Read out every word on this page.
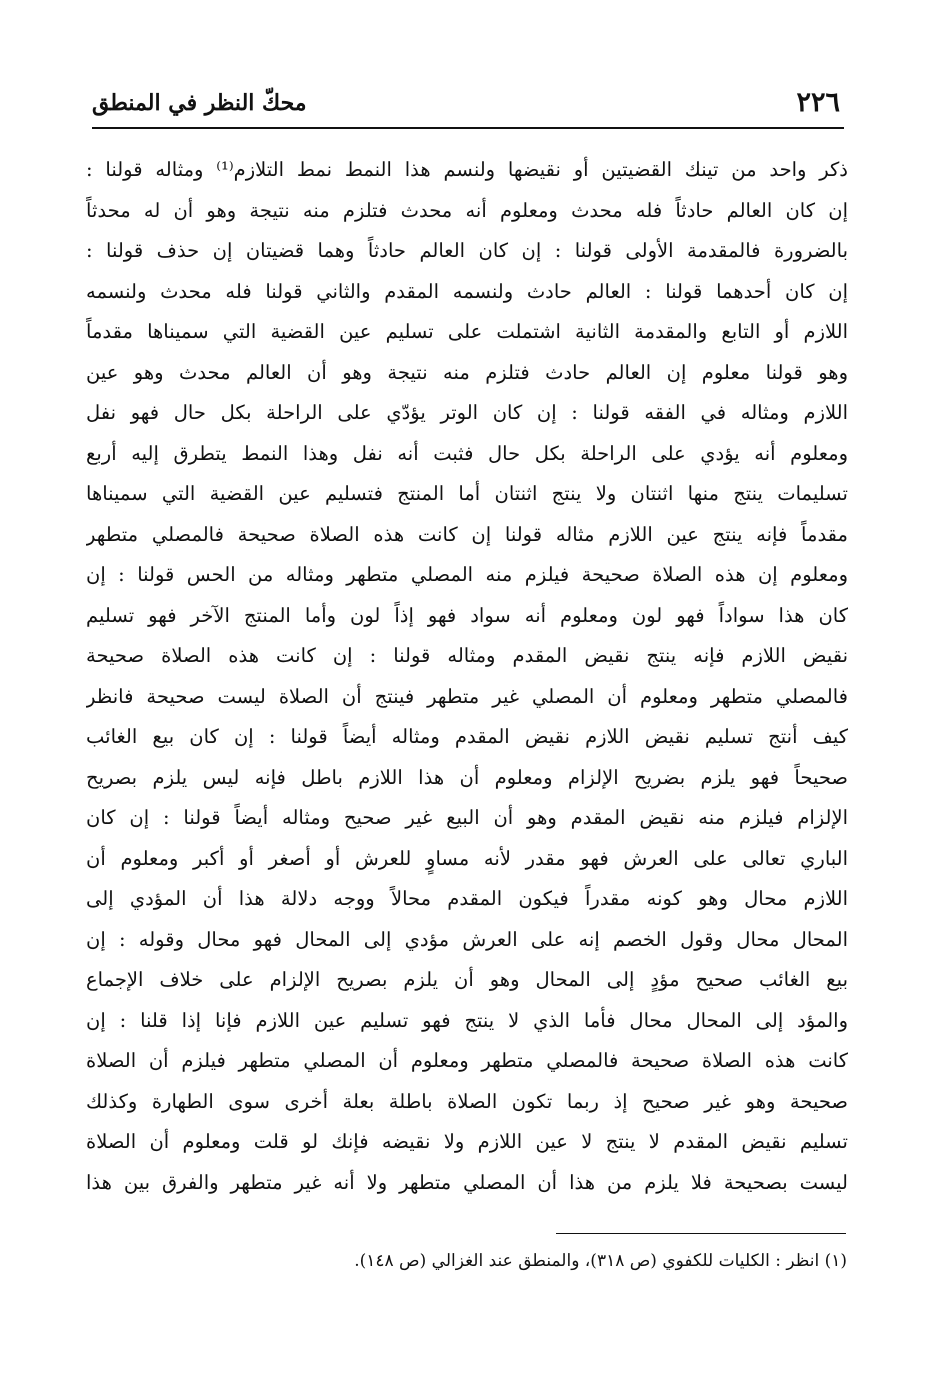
٢٢٦
محكّ النظر في المنطق
ذكر واحد من تينك القضيتين أو نقيضها ولنسم هذا النمط نمط التلازم⁽¹⁾ ومثاله قولنا :
إن كان العالم حادثاً فله محدث ومعلوم أنه محدث فتلزم منه نتيجة وهو أن له محدثاً
بالضرورة فالمقدمة الأولى قولنا : إن كان العالم حادثاً وهما قضيتان إن حذف قولنا :
إن كان أحدهما قولنا : العالم حادث ولنسمه المقدم والثاني قولنا فله محدث ولنسمه
اللازم أو التابع والمقدمة الثانية اشتملت على تسليم عين القضية التي سميناها مقدماً
وهو قولنا معلوم إن العالم حادث فتلزم منه نتيجة وهو أن العالم محدث وهو عين
اللازم ومثاله في الفقه قولنا : إن كان الوتر يؤدّي على الراحلة بكل حال فهو نفل
ومعلوم أنه يؤدي على الراحلة بكل حال فثبت أنه نفل وهذا النمط يتطرق إليه أربع
تسليمات ينتج منها اثنتان ولا ينتج اثنتان أما المنتج فتسليم عين القضية التي سميناها
مقدماً فإنه ينتج عين اللازم مثاله قولنا إن كانت هذه الصلاة صحيحة فالمصلي متطهر
ومعلوم إن هذه الصلاة صحيحة فيلزم منه المصلي متطهر ومثاله من الحس قولنا : إن
كان هذا سواداً فهو لون ومعلوم أنه سواد فهو إذاً لون وأما المنتج الآخر فهو تسليم
نقيض اللازم فإنه ينتج نقيض المقدم ومثاله قولنا : إن كانت هذه الصلاة صحيحة
فالمصلي متطهر ومعلوم أن المصلي غير متطهر فينتج أن الصلاة ليست صحيحة فانظر
كيف أنتج تسليم نقيض اللازم نقيض المقدم ومثاله أيضاً قولنا : إن كان بيع الغائب
صحيحاً فهو يلزم بضريح الإلزام ومعلوم أن هذا اللازم باطل فإنه ليس يلزم بصريح
الإلزام فيلزم منه نقيض المقدم وهو أن البيع غير صحيح ومثاله أيضاً قولنا : إن كان
الباري تعالى على العرش فهو مقدر لأنه مساوٍ للعرش أو أصغر أو أكبر ومعلوم أن
اللازم محال وهو كونه مقدراً فيكون المقدم محالاً ووجه دلالة هذا أن المؤدي إلى
المحال محال وقول الخصم إنه على العرش مؤدي إلى المحال فهو محال وقوله : إن
بيع الغائب صحيح مؤدٍ إلى المحال وهو أن يلزم بصريح الإلزام على خلاف الإجماع
والمؤد إلى المحال محال فأما الذي لا ينتج فهو تسليم عين اللازم فإنا إذا قلنا : إن
كانت هذه الصلاة صحيحة فالمصلي متطهر ومعلوم أن المصلي متطهر فيلزم أن الصلاة
صحيحة وهو غير صحيح إذ ربما تكون الصلاة باطلة بعلة أخرى سوى الطهارة وكذلك
تسليم نقيض المقدم لا ينتج لا عين اللازم ولا نقيضه فإنك لو قلت ومعلوم أن الصلاة
ليست بصحيحة فلا يلزم من هذا أن المصلي متطهر ولا أنه غير متطهر والفرق بين هذا
(١) انظر : الكليات للكفوي (ص ٣١٨)، والمنطق عند الغزالي (ص ١٤٨).
